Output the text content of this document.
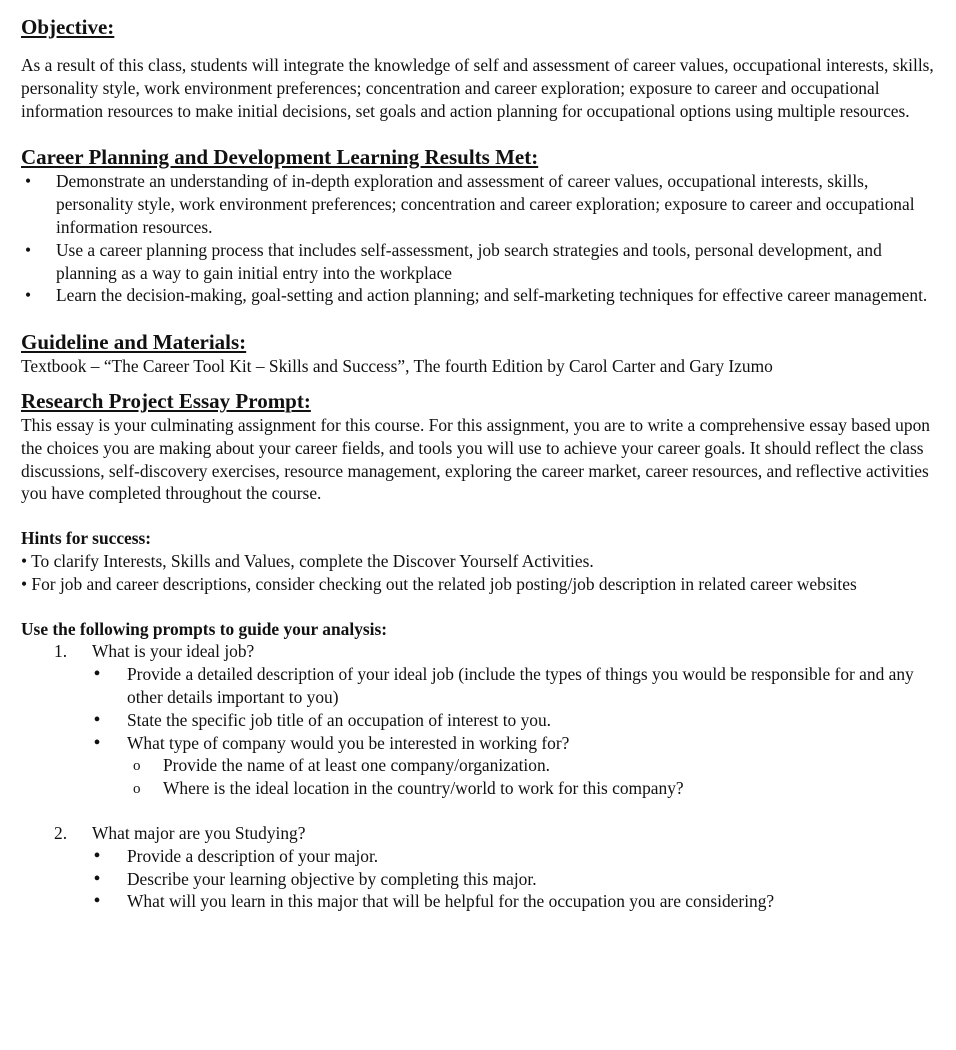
Objective:

As a result of this class, students will integrate the knowledge of self and assessment of career values, occupational interests, skills, personality style, work environment preferences; concentration and career exploration; exposure to career and occupational information resources to make initial decisions, set goals and action planning for occupational options using multiple resources.

Career Planning and Development Learning Results Met:
• Demonstrate an understanding of in-depth exploration and assessment of career values, occupational interests, skills, personality style, work environment preferences; concentration and career exploration; exposure to career and occupational information resources.
• Use a career planning process that includes self-assessment, job search strategies and tools, personal development, and planning as a way to gain initial entry into the workplace
• Learn the decision-making, goal-setting and action planning; and self-marketing techniques for effective career management.
Guideline and Materials:

Textbook – “The Career Tool Kit – Skills and Success”, The fourth Edition by Carol Carter and Gary Izumo

Research Project Essay Prompt:

This essay is your culminating assignment for this course. For this assignment, you are to write a comprehensive essay based upon the choices you are making about your career fields, and tools you will use to achieve your career goals. It should reflect the class discussions, self-discovery exercises, resource management, exploring the career market, career resources, and reflective activities you have completed throughout the course.

Hints for success:

• To clarify Interests, Skills and Values, complete the Discover Yourself Activities.

• For job and career descriptions, consider checking out the related job posting/job description in related career websites

Use the following prompts to guide your analysis:

1. What is your ideal job?
• Provide a detailed description of your ideal job (include the types of things you would be responsible for and any other details important to you)
• State the specific job title of an occupation of interest to you.
• What type of company would you be interested in working for?
o Provide the name of at least one company/organization.
o Where is the ideal location in the country/world to work for this company?
2. What major are you Studying?
• Provide a description of your major.
• Describe your learning objective by completing this major.
• What will you learn in this major that will be helpful for the occupation you are considering?
